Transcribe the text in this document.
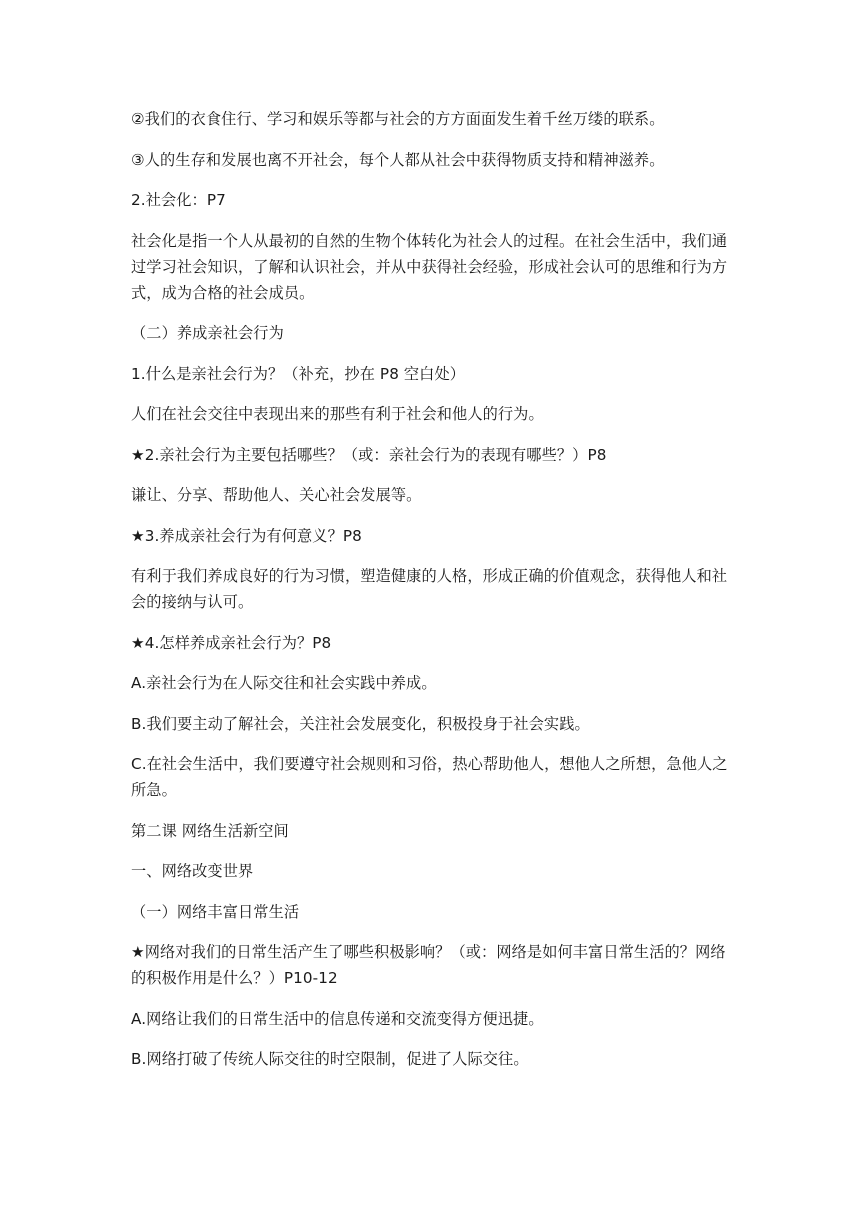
②我们的衣食住行、学习和娱乐等都与社会的方方面面发生着千丝万缕的联系。

③人的生存和发展也离不开社会，每个人都从社会中获得物质支持和精神滋养。

2.社会化：P7

社会化是指一个人从最初的自然的生物个体转化为社会人的过程。在社会生活中，我们通过学习社会知识，了解和认识社会，并从中获得社会经验，形成社会认可的思维和行为方式，成为合格的社会成员。

（二）养成亲社会行为

1.什么是亲社会行为？（补充，抄在 P8 空白处）

人们在社会交往中表现出来的那些有利于社会和他人的行为。

★2.亲社会行为主要包括哪些？（或：亲社会行为的表现有哪些？）P8

谦让、分享、帮助他人、关心社会发展等。

★3.养成亲社会行为有何意义？P8

有利于我们养成良好的行为习惯，塑造健康的人格，形成正确的价值观念，获得他人和社会的接纳与认可。

★4.怎样养成亲社会行为？P8

A.亲社会行为在人际交往和社会实践中养成。

B.我们要主动了解社会，关注社会发展变化，积极投身于社会实践。

C.在社会生活中，我们要遵守社会规则和习俗，热心帮助他人，想他人之所想，急他人之所急。

第二课 网络生活新空间

一、网络改变世界

（一）网络丰富日常生活

★网络对我们的日常生活产生了哪些积极影响？（或：网络是如何丰富日常生活的？网络的积极作用是什么？）P10-12

A.网络让我们的日常生活中的信息传递和交流变得方便迅捷。

B.网络打破了传统人际交往的时空限制，促进了人际交往。
